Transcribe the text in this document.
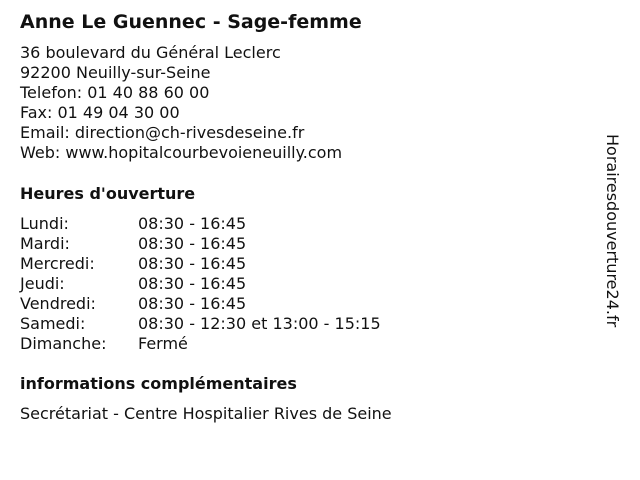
Anne Le Guennec - Sage-femme
36 boulevard du Général Leclerc
92200 Neuilly-sur-Seine
Telefon: 01 40 88 60 00
Fax: 01 49 04 30 00
Email: direction@ch-rivesdeseine.fr
Web: www.hopitalcourbevoieneuilly.com
Heures d'ouverture
Lundi:	08:30 - 16:45
Mardi:	08:30 - 16:45
Mercredi:	08:30 - 16:45
Jeudi:	08:30 - 16:45
Vendredi:	08:30 - 16:45
Samedi:	08:30 - 12:30 et 13:00 - 15:15
Dimanche:	Fermé
informations complémentaires
Secrétariat - Centre Hospitalier Rives de Seine
Horairesdouverture24.fr
